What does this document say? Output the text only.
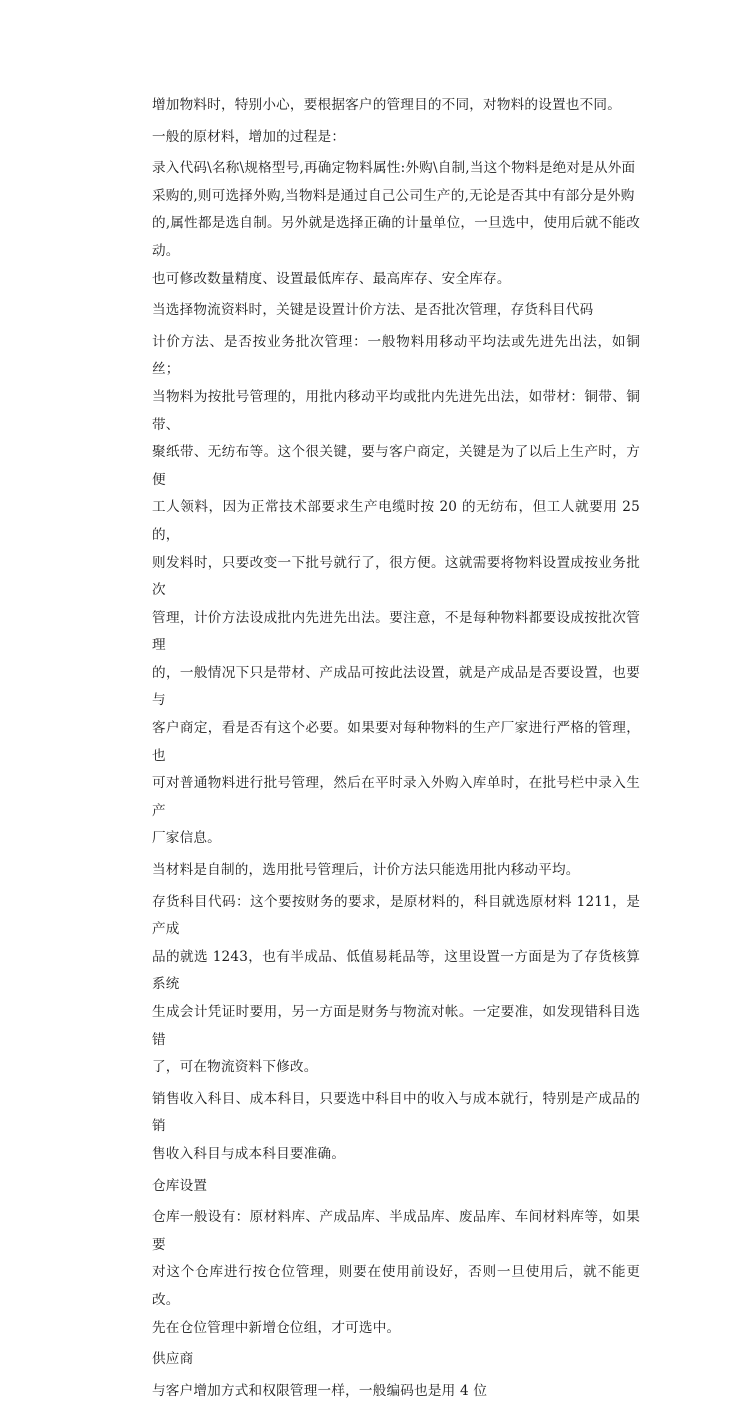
增加物料时，特别小心，要根据客户的管理目的不同，对物料的设置也不同。

一般的原材料，增加的过程是：

录入代码\名称\规格型号,再确定物料属性:外购\自制,当这个物料是绝对是从外面
采购的,则可选择外购,当物料是通过自己公司生产的,无论是否其中有部分是外购
的,属性都是选自制。另外就是选择正确的计量单位，一旦选中，使用后就不能改动。
也可修改数量精度、设置最低库存、最高库存、安全库存。

当选择物流资料时，关键是设置计价方法、是否批次管理，存货科目代码

计价方法、是否按业务批次管理：一般物料用移动平均法或先进先出法，如铜丝；
当物料为按批号管理的，用批内移动平均或批内先进先出法，如带材：铜带、铜带、
聚纸带、无纺布等。这个很关键，要与客户商定，关键是为了以后上生产时，方便
工人领料，因为正常技术部要求生产电缆时按 20 的无纺布，但工人就要用 25 的，
则发料时，只要改变一下批号就行了，很方便。这就需要将物料设置成按业务批次
管理，计价方法设成批内先进先出法。要注意，不是每种物料都要设成按批次管理
的，一般情况下只是带材、产成品可按此法设置，就是产成品是否要设置，也要与
客户商定，看是否有这个必要。如果要对每种物料的生产厂家进行严格的管理，也
可对普通物料进行批号管理，然后在平时录入外购入库单时，在批号栏中录入生产
厂家信息。

当材料是自制的，选用批号管理后，计价方法只能选用批内移动平均。

存货科目代码：这个要按财务的要求，是原材料的，科目就选原材料 1211，是产成
品的就选 1243，也有半成品、低值易耗品等，这里设置一方面是为了存货核算系统
生成会计凭证时要用，另一方面是财务与物流对帐。一定要准，如发现错科目选错
了，可在物流资料下修改。

销售收入科目、成本科目，只要选中科目中的收入与成本就行，特别是产成品的销
售收入科目与成本科目要准确。

仓库设置

仓库一般设有：原材料库、产成品库、半成品库、废品库、车间材料库等，如果要
对这个仓库进行按仓位管理，则要在使用前设好，否则一旦使用后，就不能更改。
先在仓位管理中新增仓位组，才可选中。

供应商

与客户增加方式和权限管理一样，一般编码也是用 4 位
